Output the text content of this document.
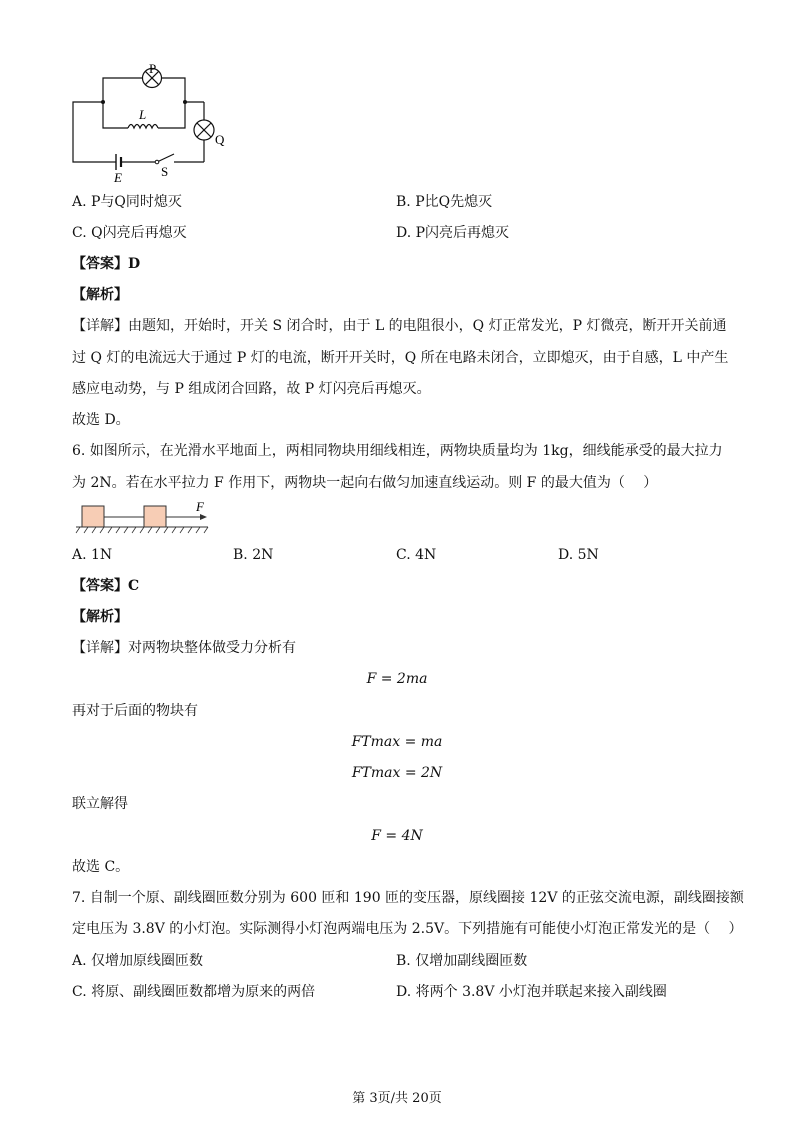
P
L
Q
E	S
A. P与Q同时熄灭	B. P比Q先熄灭
C. Q闪亮后再熄灭	D. P闪亮后再熄灭
【答案】D
【解析】
【详解】由题知，开始时，开关 S 闭合时，由于 L 的电阻很小，Q 灯正常发光，P 灯微亮，断开开关前通
过 Q 灯的电流远大于通过 P 灯的电流，断开开关时，Q 所在电路未闭合，立即熄灭，由于自感，L 中产生
感应电动势，与 P 组成闭合回路，故 P 灯闪亮后再熄灭。
故选 D。
6. 如图所示，在光滑水平地面上，两相同物块用细线相连，两物块质量均为 1kg，细线能承受的最大拉力
为 2N。若在水平拉力 F 作用下，两物块一起向右做匀加速直线运动。则 F 的最大值为（　 ）
F
A. 1N	B. 2N	C. 4N	D. 5N
【答案】C
【解析】
【详解】对两物块整体做受力分析有
F = 2ma
再对于后面的物块有
FTmax = ma
FTmax = 2N
联立解得
F = 4N
故选 C。
7. 自制一个原、副线圈匝数分别为 600 匝和 190 匝的变压器，原线圈接 12V 的正弦交流电源，副线圈接额
定电压为 3.8V 的小灯泡。实际测得小灯泡两端电压为 2.5V。下列措施有可能使小灯泡正常发光的是（　 ）
A. 仅增加原线圈匝数	B. 仅增加副线圈匝数
C. 将原、副线圈匝数都增为原来的两倍	D. 将两个 3.8V 小灯泡并联起来接入副线圈
第 3页/共 20页
